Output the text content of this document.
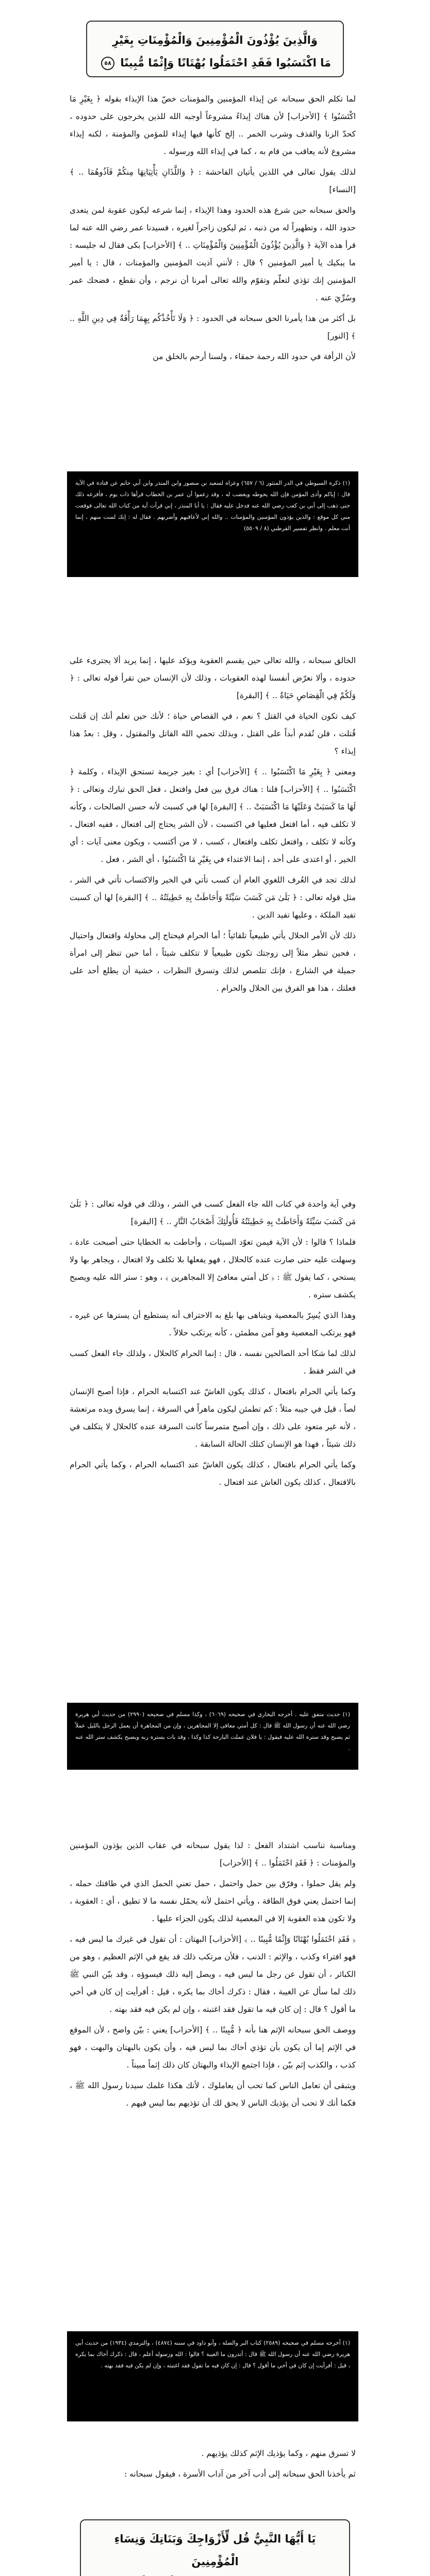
وَالَّذِينَ يُؤْذُونَ الْمُؤْمِنِينَ وَالْمُؤْمِنَاتِ بِغَيْرِ
مَا اكْتَسَبُوا فَقَدِ احْتَمَلُوا بُهْتَانًا وَإِثْمًا مُّبِينًا ٥٨

لما تكلم الحق سبحانه عن إيذاء المؤمنين والمؤمنات خصّ هذا الإيذاء بقوله ﴿ بِغَيْرِ مَا اكْتَسَبُوا ﴾ [الأحزاب] لأن هناك إيذاءً مشروعاً أوجبه الله للذين يخرجون على حدوده ، كحدّ الزنا والقذف وشرب الخمر .. إلخ كأنها فيها إيذاء للمؤمن والمؤمنة ، لكنه إيذاء مشروع لأنه يعاقب من قام به ، كما في إيذاء الله ورسوله .

لذلك يقول تعالى في اللذين يأتيان الفاحشة : ﴿ وَاللَّذَانِ يَأْتِيَانِهَا مِنكُمْ فَآذُوهُمَا .. ﴾ [النساء]

والحق سبحانه حين شرع هذه الحدود وهذا الإيذاء ، إنما شرعه ليكون عقوبة لمن يتعدى حدود الله ، وتطهيراً له من ذنبه ، ثم ليكون زاجراً لغيره ، فسيدنا عمر رضي الله عنه لما قرأ هذه الآية ﴿ وَالَّذِينَ يُؤْذُونَ الْمُؤْمِنِينَ وَالْمُؤْمِنَاتِ .. ﴾ [الأحزاب] بكى فقال له جليسه : ما يبكيك يا أمير المؤمنين ؟ قال : لأنني آذيت المؤمنين والمؤمنات ، قال : يا أمير المؤمنين إنك تؤذي لتعلّم وتقوّم والله تعالى أمرنا أن نرجم ، وأن نقطع ، فضحك عمر وسُرِّيَ عنه .

بل أكثر من هذا يأمرنا الحق سبحانه في الحدود : ﴿ وَلَا تَأْخُذْكُم بِهِمَا رَأْفَةٌ فِي دِينِ اللَّهِ .. ﴾ [النور]

لأن الرأفة في حدود الله رحمة حمقاء ، ولسنا أرحم بالخلق من

(١) ذكره السيوطي في الدر المنثور (٦ / ٦٥٧) وعزاه لسعيد بن منصور وابن المنذر وابن أبي حاتم عن قتادة في الآية قال : إياكم وأذى المؤمن فإن الله يحوطه ويغضب له ، وقد زعموا أن عمر بن الخطاب قرأها ذات يوم ، فأفزعه ذلك حتى ذهب إلى أبي بن كعب رضي الله عنه فدخل عليه فقال : يا أبا المنذر ، إني قرأت آية من كتاب الله تعالى فوقعت مني كل موقع : والذين يؤذون المؤمنين والمؤمنات .. والله إني لأعاقبهم وأضربهم . فقال له : إنك لست منهم ، إنما أنت معلم . وانظر تفسير القرطبي (٨ / ٥٥٠٩)

الخالق سبحانه ، والله تعالى حين يقسم العقوبة ويؤكد عليها ، إنما يريد ألا يجترىء على حدوده ، وألا نعرّض أنفسنا لهذه العقوبات ، وذلك لأن الإنسان حين تقرأ قوله تعالى : ﴿ وَلَكُمْ فِي الْقِصَاصِ حَيَاةٌ .. ﴾ [البقرة]

كيف تكون الحياة في القتل ؟ نعم ، في القصاص حياة ؛ لأنك حين تعلم أنك إن قَتلت قُتلت ، فلن تُقدم أبداً على القتل ، وبذلك تحمي الله القاتل والمقتول ، وقل : بعدُ هذا إيذاء ؟

ومعنى ﴿ بِغَيْرِ مَا اكْتَسَبُوا .. ﴾ [الأحزاب] أي : بغير جريمة تستحق الإيذاء ، وكلمة ﴿ اكْتَسَبُوا .. ﴾ [الأحزاب] قلنا : هناك فرق بين فعل وافتعل ، فعل الحق تبارك وتعالى : ﴿ لَهَا مَا كَسَبَتْ وَعَلَيْهَا مَا اكْتَسَبَتْ .. ﴾ [البقرة] لها في كسبت لأنه حسن الصالحات ، وكأنه لا تكلف فيه ، أما افتعل فعليها في اكتسبت ، لأن الشر يحتاج إلى افتعال ، ففيه افتعال ، وكأنه لا تكلف ، وافتعل تكلف وافتعال ، كسب ، لا من أكتسب ، ويكون معنى آيات : أي الخير ، أو اعتدى على أحد ، إنما الاعتداء في بِغَيْرِ مَا اكْتَسَبُوا ، أي الشر ، فعل .

لذلك تجد في العُرف اللغوي العام أن كسب تأتي في الخير والاكتساب تأتي في الشر ، مثل قوله تعالى : ﴿ بَلَىٰ مَن كَسَبَ سَيِّئَةً وَأَحَاطَتْ بِهِ خَطِيئَتُهُ .. ﴾ [البقرة] لها أن كسبت تفيد الملكة ، وعليها تفيد الدين .

ذلك لأن الأمر الحلال يأتي طبيعياً تلقائياً ؛ أما الحرام فيحتاج إلى محاولة وافتعال واحتيال ، فحين تنظر مثلاً إلى زوجتك تكون طبيعياً لا تتكلف شيئاً ، أما حين تنظر إلى امرأة جميلة في الشارع ، فإنك تتلصص لذلك وتسرق النظرات ، خشية أن يطلع أحد على فعلتك ، هذا هو الفرق بين الحلال والحرام .

وفي آية واحدة في كتاب الله جاء الفعل كسب في الشر ، وذلك في قوله تعالى : ﴿ بَلَىٰ مَن كَسَبَ سَيِّئَةً وَأَحَاطَتْ بِهِ خَطِيئَتُهُ فَأُولَٰئِكَ أَصْحَابُ النَّارِ .. ﴾ [البقرة]

فلماذا ؟ قالوا : لأن الآية فيمن تعوّد السيئات ، وأحاطت به الخطايا حتى أصبحت عادة ، وسهلت عليه حتى صارت عنده كالحلال ، فهو يفعلها بلا تكلف ولا افتعال ، ويجاهر بها ولا يستحي ، كما يقول ﷺ : ﴿ كل أمتي معافىً إلا المجاهرين ﴾ ، وهو : ستر الله عليه ويصبح يكشف ستره .

وهذا الذي يُسِرّ بالمعصية ويتباهى بها بلغ به الاحتراف أنه يستطيع أن يسترها عن غيره ، فهو يرتكب المعصية وهو آمن مطمئن ، كأنه يرتكب حلالاً .

لذلك لما شكا أحد الصالحين نفسه ، قال : إنما الحرام كالحلال ، ولذلك جاء الفعل كسب في الشر فقط .

وكما يأتي الحرام بافتعال ، كذلك يكون الغاشّ عند اكتسابه الحرام ، فإذا أصبح الإنسان لصاً ، قيل في جيبه مثلاً : كم تطمئن ليكون ماهراً في السرقة ، إنما يسرق ويده مرتعشة ، لأنه غير متعود على ذلك ، وإن أصبح متمرساً كانت السرقة عنده كالحلال لا يتكلف في ذلك شيئاً ، فهذا هو الإنسان كتلك الحالة السابقة .

وكما يأتي الحرام بافتعال ، كذلك يكون الغاشّ عند اكتسابه الحرام ، وكما يأتي الحرام بالافتعال ، كذلك يكون الغاش عند افتعال .

(١) حديث متفق عليه . أخرجه البخاري في صحيحه (٦٠٦٩) ، وكذا مسلم في صحيحه (٢٩٩٠) من حديث أبي هريرة رضي الله عنه أن رسول الله ﷺ قال : كل أمتي معافى إلا المجاهرين ، وإن من المجاهرة أن يعمل الرجل بالليل عملاً ثم يصبح وقد ستره الله عليه فيقول : يا فلان عملت البارحة كذا وكذا ، وقد بات يستره ربه ويصبح يكشف ستر الله عنه .

ومناسبة تناسب اشتداد الفعل : لذا يقول سبحانه في عقاب الذين يؤذون المؤمنين والمؤمنات : ﴿ فَقَدِ احْتَمَلُوا .. ﴾ [الأحزاب]

ولم يقل حملوا ، وفرّق بين حمل واحتمل ، حمل تعني الحمل الذي في طاقتك حمله ، إنما احتمل يعني فوق الطاقة ، ويأتي احتمل لأنه يحمّل نفسه ما لا تطيق ، أي : العقوبة ، ولا تكون هذه العقوبة إلا في المعصية لذلك يكون الجزاء عليها .

﴿ فَقَدِ احْتَمَلُوا بُهْتَانًا وَإِثْمًا مُّبِينًا .. ﴾ [الأحزاب] البهتان : أن تقول في غيرك ما ليس فيه ، فهو افتراء وكذب ، والإثم : الذنب ، فلأن مرتكب ذلك قد يقع في الإثم العظيم ، وهو من الكبائر ، أن تقول عن رجل ما ليس فيه ، ويصل إليه ذلك فيسوؤه ، وقد بيّن النبي ﷺ ذلك لما سأل عن الغيبة ، فقال : ذكرك أخاك بما يكره ، قيل : أفرأيت إن كان في أخي ما أقول ؟ قال : إن كان فيه ما تقول فقد اغتبته ، وإن لم يكن فيه فقد بهته .

ووصف الحق سبحانه الإثم هنا بأنه ﴿ مُّبِينًا .. ﴾ [الأحزاب] يعني : بيّن واضح ، لأن الموقع في الإثم إما أن يكون بأن تؤذي أخاك بما ليس فيه ، وأن يكون بالبهتان والبهت ، فهو كذب ، والكذب إثم بيّن ، فإذا اجتمع الإيذاء والبهتان كان ذلك إثماً مبيناً .

ويتبقى أن تعامل الناس كما تحب أن يعاملوك ، لأنك هكذا علمك سيدنا رسول الله ﷺ ، فكما أنك لا تحب أن يؤذيك الناس لا يحق لك أن تؤذيهم بما ليس فيهم .

(١) أخرجه مسلم في صحيحه (٢٥٨٩) كتاب البر والصلة ، وأبو داود في سننه (٤٨٧٤) ، والترمذي (١٩٣٤) من حديث أبي هريرة رضي الله عنه أن رسول الله ﷺ قال : أتدرون ما الغيبة ؟ قالوا : الله ورسوله أعلم ، قال : ذكرك أخاك بما يكره ، قيل : أفرأيت إن كان في أخي ما أقول ؟ قال : إن كان فيه ما تقول فقد اغتبته ، وإن لم يكن فيه فقد بهته .

لا تسرق منهم ، وكما يؤذيك الإثم كذلك يؤذيهم .

ثم يأخذنا الحق سبحانه إلى أدب آخر من آداب الأسرة ، فيقول سبحانه :

يَا أَيُّهَا النَّبِيُّ قُل لِّأَزْوَاجِكَ وَبَنَاتِكَ وَنِسَاءِ الْمُؤْمِنِينَ
